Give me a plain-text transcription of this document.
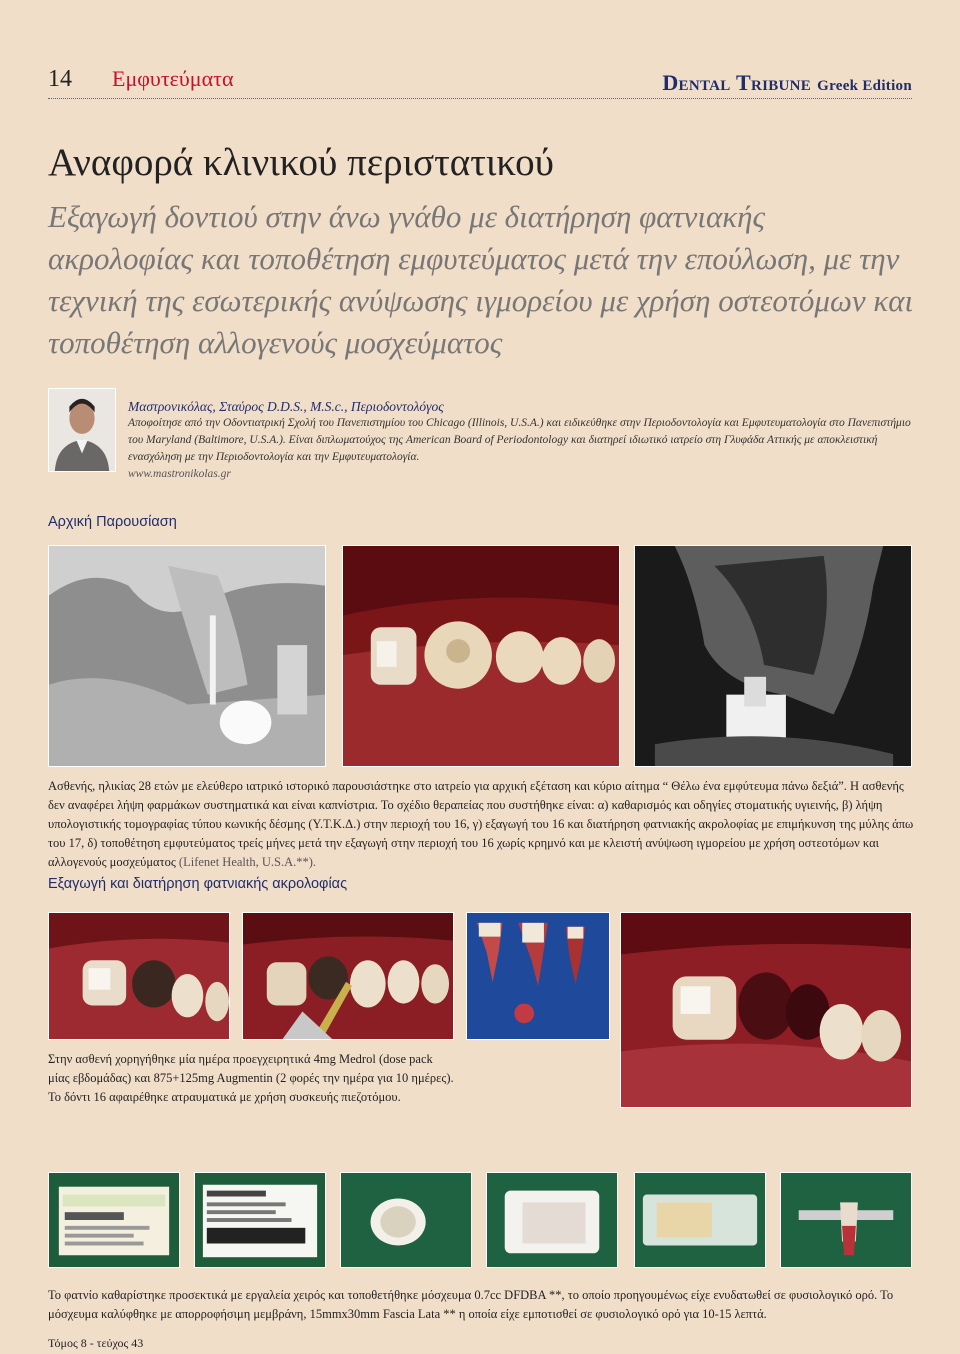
14 Εμφυτεύματα	Dental Tribune Greek Edition
Αναφορά κλινικού περιστατικού
Εξαγωγή δοντιού στην άνω γνάθο με διατήρηση φατνιακής ακρολοφίας και τοποθέτηση εμφυτεύματος μετά την επούλωση, με την τεχνική της εσωτερικής ανύψωσης ιγμορείου με χρήση οστεοτόμων και τοποθέτηση αλλογενούς μοσχεύματος
Μαστρονικόλας, Σταύρος D.D.S., M.S.c., Περιοδοντολόγος
Αποφοίτησε από την Οδοντιατρική Σχολή του Πανεπιστημίου του Chicago (Illinois, U.S.A.) και ειδικεύθηκε στην Περιοδοντολογία και Εμφυτευματολογία στο Πανεπιστήμιο του Maryland (Baltimore, U.S.A.). Είναι διπλωματούχος της American Board of Periodontology και διατηρεί ιδιωτικό ιατρείο στη Γλυφάδα Αττικής με αποκλειστική ενασχόληση με την Περιοδοντολογία και την Εμφυτευματολογία.
www.mastronikolas.gr
Αρχική Παρουσίαση
Ασθενής, ηλικίας 28 ετών με ελεύθερο ιατρικό ιστορικό παρουσιάστηκε στο ιατρείο για αρχική εξέταση και κύριο αίτημα “ Θέλω ένα εμφύτευμα πάνω δεξιά”. Η ασθενής δεν αναφέρει λήψη φαρμάκων συστηματικά και είναι καπνίστρια. Το σχέδιο θεραπείας που συστήθηκε είναι: α) καθαρισμός και οδηγίες στοματικής υγιεινής, β) λήψη υπολογιστικής τομογραφίας τύπου κωνικής δέσμης (Υ.Τ.Κ.Δ.) στην περιοχή του 16, γ) εξαγωγή του 16 και διατήρηση φατνιακής ακρολοφίας με επιμήκυνση της μύλης άπω του 17, δ) τοποθέτηση εμφυτεύματος τρείς μήνες μετά την εξαγωγή στην περιοχή του 16 χωρίς κρημνό και με κλειστή ανύψωση ιγμορείου με χρήση οστεοτόμων και αλλογενούς μοσχεύματος (Lifenet Health, U.S.A.**).
Εξαγωγή και διατήρηση φατνιακής ακρολοφίας
Στην ασθενή χορηγήθηκε μία ημέρα προεγχειρητικά 4mg Medrol (dose pack
μίας εβδομάδας) και 875+125mg Augmentin (2 φορές την ημέρα για 10 ημέρες).
Το δόντι 16 αφαιρέθηκε ατραυματικά με χρήση συσκευής πιεζοτόμου.
Το φατνίο καθαρίστηκε προσεκτικά με εργαλεία χειρός και τοποθετήθηκε μόσχευμα 0.7cc DFDBA **, το οποίο προηγουμένως είχε ενυδατωθεί σε φυσιολογικό ορό. Το μόσχευμα καλύφθηκε με απορροφήσιμη μεμβράνη, 15mmx30mm Fascia Lata ** η οποία είχε εμποτισθεί σε φυσιολογικό ορό για 10-15 λεπτά.
Τόμος 8 - τεύχος 43
